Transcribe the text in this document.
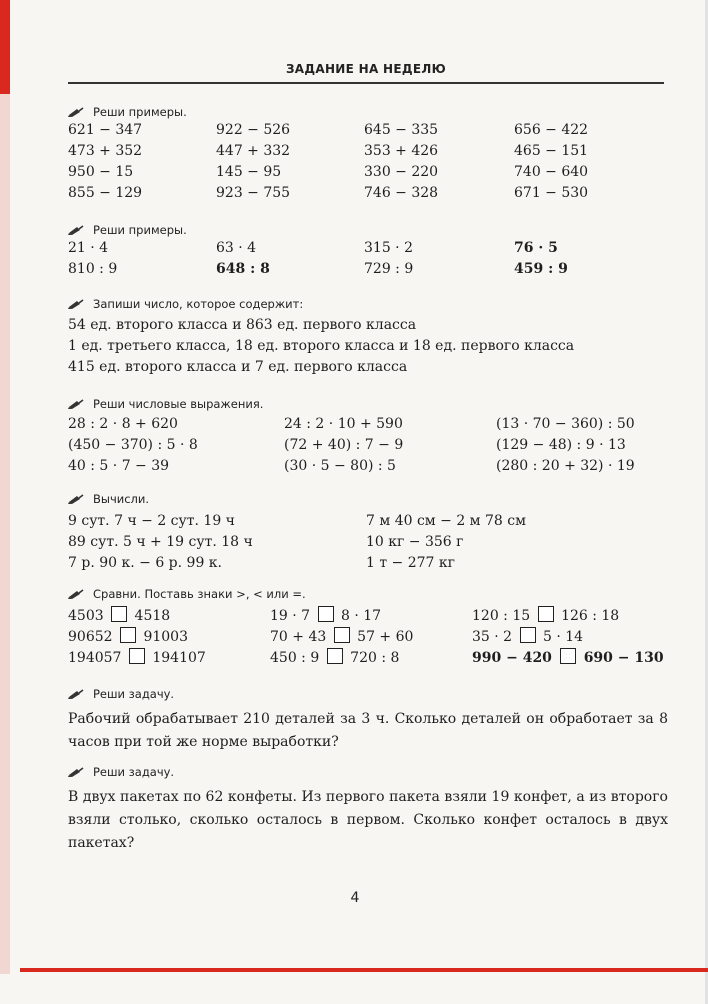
ЗАДАНИЕ НА НЕДЕЛЮ
Реши примеры.
621 − 347	922 − 526	645 − 335	656 − 422
473 + 352	447 + 332	353 + 426	465 − 151
950 − 15	145 − 95	330 − 220	740 − 640
855 − 129	923 − 755	746 − 328	671 − 530
Реши примеры.
21 · 4	63 · 4	315 · 2	76 · 5
810 : 9	648 : 8	729 : 9	459 : 9
Запиши число, которое содержит:
54 ед. второго класса и 863 ед. первого класса
1 ед. третьего класса, 18 ед. второго класса и 18 ед. первого класса
415 ед. второго класса и 7 ед. первого класса
Реши числовые выражения.
28 : 2 · 8 + 620	24 : 2 · 10 + 590	(13 · 70 − 360) : 50
(450 − 370) : 5 · 8	(72 + 40) : 7 − 9	(129 − 48) : 9 · 13
40 : 5 · 7 − 39	(30 · 5 − 80) : 5	(280 : 20 + 32) · 19
Вычисли.
9 сут. 7 ч − 2 сут. 19 ч	7 м 40 см − 2 м 78 см
89 сут. 5 ч + 19 сут. 18 ч	10 кг − 356 г
7 р. 90 к. − 6 р. 99 к.	1 т − 277 кг
Сравни. Поставь знаки >, < или =.
4503 4518	19 · 7 8 · 17	120 : 15 126 : 18
90652 91003	70 + 43 57 + 60	35 · 2 5 · 14
194057 194107	450 : 9 720 : 8	990 − 420 690 − 130
Реши задачу.
Рабочий обрабатывает 210 деталей за 3 ч. Сколько деталей он обработает за 8 часов при той же норме выработки?
Реши задачу.
В двух пакетах по 62 конфеты. Из первого пакета взяли 19 конфет, а из второго взяли столько, сколько осталось в первом. Сколько конфет осталось в двух пакетах?
4
